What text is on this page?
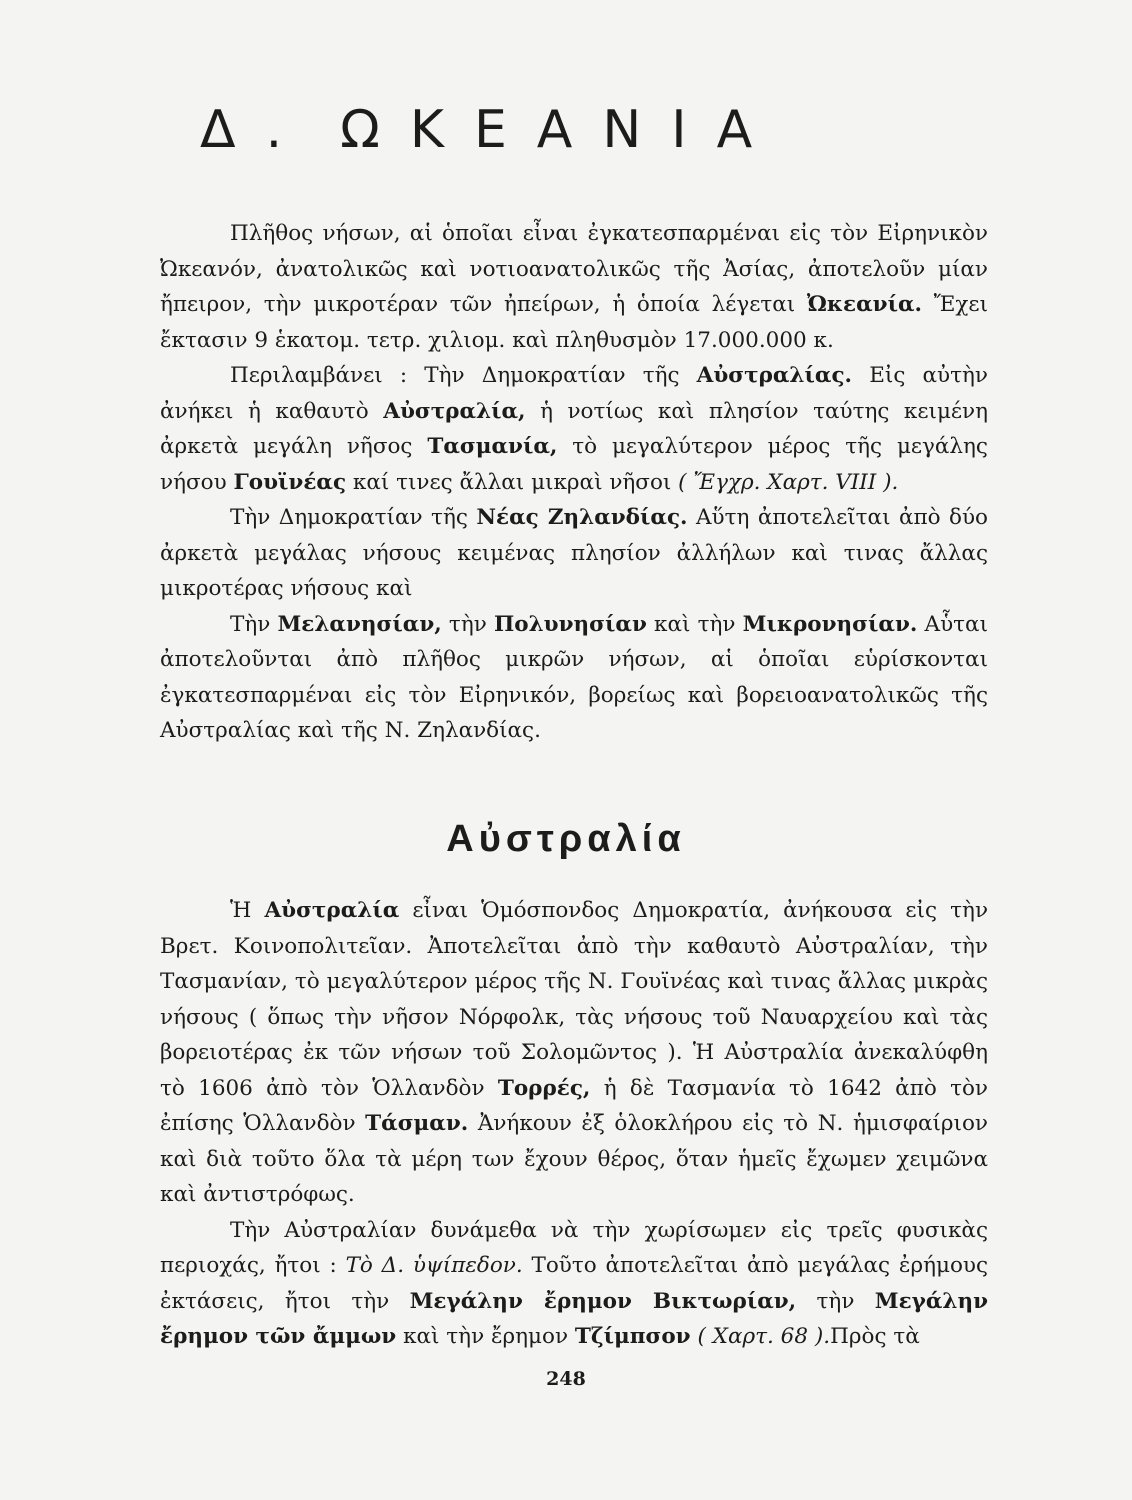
Δ. ΩΚΕΑΝΙΑ

Πλῆθος νήσων, αἱ ὁποῖαι εἶναι ἐγκατεσπαρμέναι εἰς τὸν Εἰρηνικὸν Ὠκεανόν, ἀνατολικῶς καὶ νοτιοανατολικῶς τῆς Ἀσίας, ἀποτελοῦν μίαν ἤπειρον, τὴν μικροτέραν τῶν ἠπείρων, ἡ ὁποία λέγεται Ὠκεανία. Ἔχει ἔκτασιν 9 ἑκατομ. τετρ. χιλιομ. καὶ πληθυσμὸν 17.000.000 κ.

Περιλαμβάνει : Τὴν Δημοκρατίαν τῆς Αὐστραλίας. Εἰς αὐτὴν ἀνήκει ἡ καθαυτὸ Αὐστραλία, ἡ νοτίως καὶ πλησίον ταύτης κειμένη ἀρκετὰ μεγάλη νῆσος Τασμανία, τὸ μεγαλύτερον μέρος τῆς μεγάλης νήσου Γουϊνέας καί τινες ἄλλαι μικραὶ νῆσοι ( Ἔγχρ. Χαρτ. VIII ).

Τὴν Δημοκρατίαν τῆς Νέας Ζηλανδίας. Αὕτη ἀποτελεῖται ἀπὸ δύο ἀρκετὰ μεγάλας νήσους κειμένας πλησίον ἀλλήλων καὶ τινας ἄλλας μικροτέρας νήσους καὶ

Τὴν Μελανησίαν, τὴν Πολυνησίαν καὶ τὴν Μικρονησίαν. Αὗται ἀποτελοῦνται ἀπὸ πλῆθος μικρῶν νήσων, αἱ ὁποῖαι εὑρίσκονται ἐγκατεσπαρμέναι εἰς τὸν Εἰρηνικόν, βορείως καὶ βορειοανατολικῶς τῆς Αὐστραλίας καὶ τῆς Ν. Ζηλανδίας.

Αὐστραλία

Ἡ Αὐστραλία εἶναι Ὁμόσπονδος Δημοκρατία, ἀνήκουσα εἰς τὴν Βρετ. Κοινοπολιτεῖαν. Ἀποτελεῖται ἀπὸ τὴν καθαυτὸ Αὐστραλίαν, τὴν Τασμανίαν, τὸ μεγαλύτερον μέρος τῆς Ν. Γουϊνέας καὶ τινας ἄλλας μικρὰς νήσους ( ὅπως τὴν νῆσον Νόρφολκ, τὰς νήσους τοῦ Ναυαρχείου καὶ τὰς βορειοτέρας ἐκ τῶν νήσων τοῦ Σολομῶντος ). Ἡ Αὐστραλία ἀνεκαλύφθη τὸ 1606 ἀπὸ τὸν Ὁλλανδὸν Τορρές, ἡ δὲ Τασμανία τὸ 1642 ἀπὸ τὸν ἐπίσης Ὁλλανδὸν Τάσμαν. Ἀνήκουν ἐξ ὁλοκλήρου εἰς τὸ Ν. ἡμισφαίριον καὶ διὰ τοῦτο ὅλα τὰ μέρη των ἔχουν θέρος, ὅταν ἡμεῖς ἔχωμεν χειμῶνα καὶ ἀντιστρόφως.

Τὴν Αὐστραλίαν δυνάμεθα νὰ τὴν χωρίσωμεν εἰς τρεῖς φυσικὰς περιοχάς, ἤτοι : Τὸ Δ. ὑψίπεδον. Τοῦτο ἀποτελεῖται ἀπὸ μεγάλας ἐρήμους ἐκτάσεις, ἤτοι τὴν Μεγάλην ἔρημον Βικτωρίαν, τὴν Μεγάλην ἔρημον τῶν ἄμμων καὶ τὴν ἔρημον Τζίμπσον ( Χαρτ. 68 ).Πρὸς τὰ

248
